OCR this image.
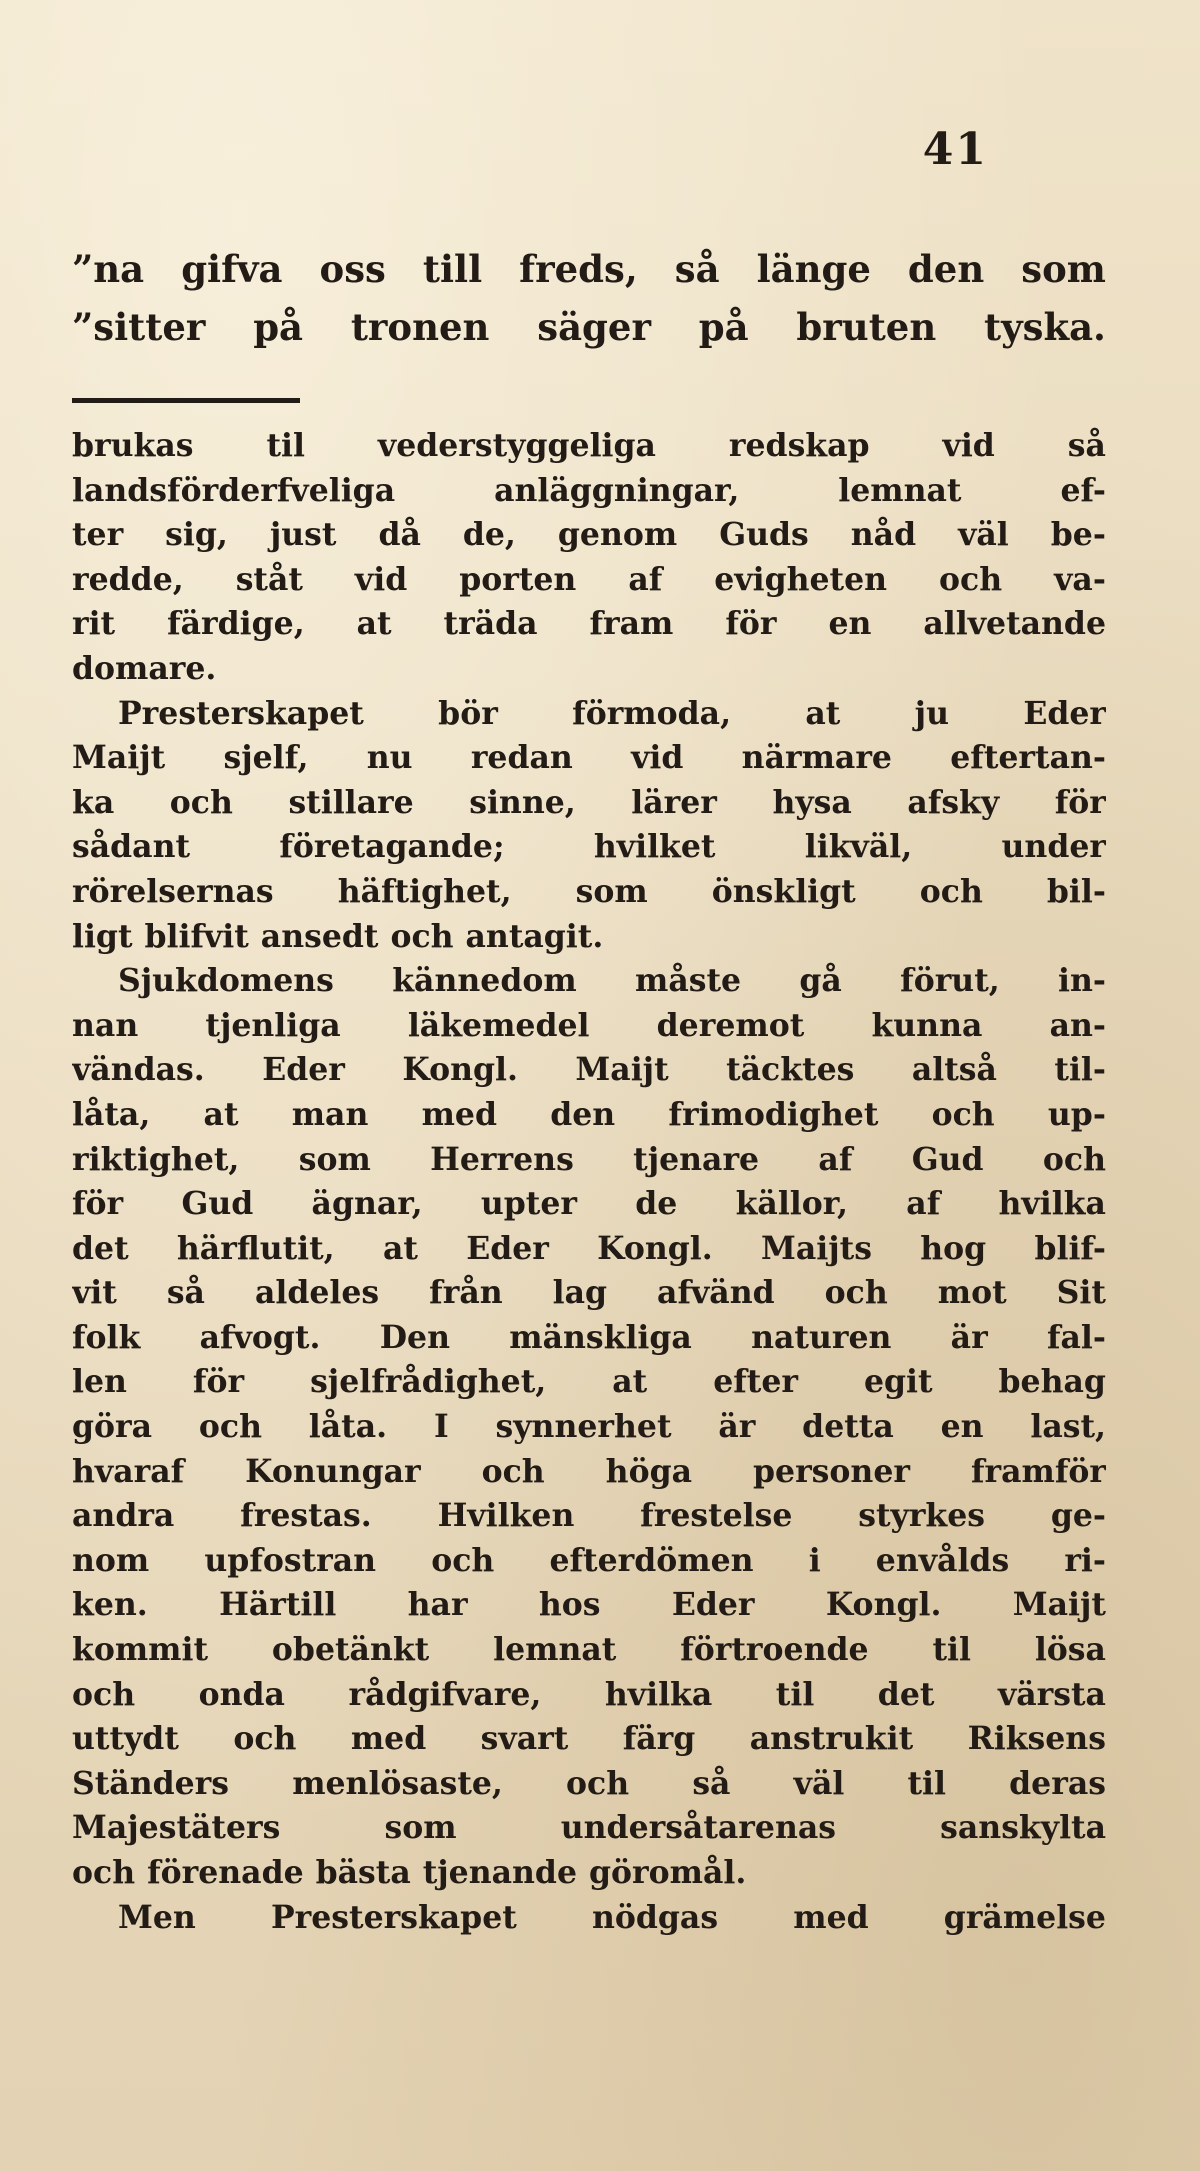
41
”na gifva oss till freds, så länge den som
”sitter på tronen säger på bruten tyska.
brukas til vederstyggeliga redskap vid så
landsförderfveliga	anläggningar,	lemnat	ef-
ter sig, just då de, genom Guds nåd väl be-
redde, ståt vid porten af evigheten och va-
rit färdige, at träda fram för en allvetande
domare.
Presterskapet bör förmoda, at ju Eder
Maijt sjelf, nu redan vid närmare eftertan-
ka och stillare sinne, lärer hysa afsky för
sådant	företagande;	hvilket	likväl,	under
rörelsernas häftighet, som önskligt och bil-
ligt blifvit ansedt och antagit.
Sjukdomens kännedom måste gå förut, in-
nan tjenliga läkemedel deremot kunna an-
vändas. Eder Kongl. Maijt täcktes altså til-
låta, at man med den frimodighet och up-
riktighet, som Herrens tjenare af Gud och
för Gud ägnar, upter de källor, af hvilka
det härflutit, at Eder Kongl. Maijts hog blif-
vit så aldeles från lag afvänd och mot Sit
folk afvogt. Den mänskliga naturen är fal-
len för sjelfrådighet, at efter egit behag
göra och låta. I synnerhet är detta en last,
hvaraf Konungar och höga personer framför
andra frestas. Hvilken frestelse styrkes ge-
nom upfostran och efterdömen i envålds ri-
ken. Härtill har hos Eder Kongl. Maijt
kommit obetänkt lemnat förtroende til lösa
och onda rådgifvare, hvilka til det värsta
uttydt och med svart färg anstrukit Riksens
Ständers menlösaste, och så väl til deras
Majestäters	som	undersåtarenas	sanskyltа
och förenade bästa tjenande göromål.
Men Presterskapet nödgas med grämelse
